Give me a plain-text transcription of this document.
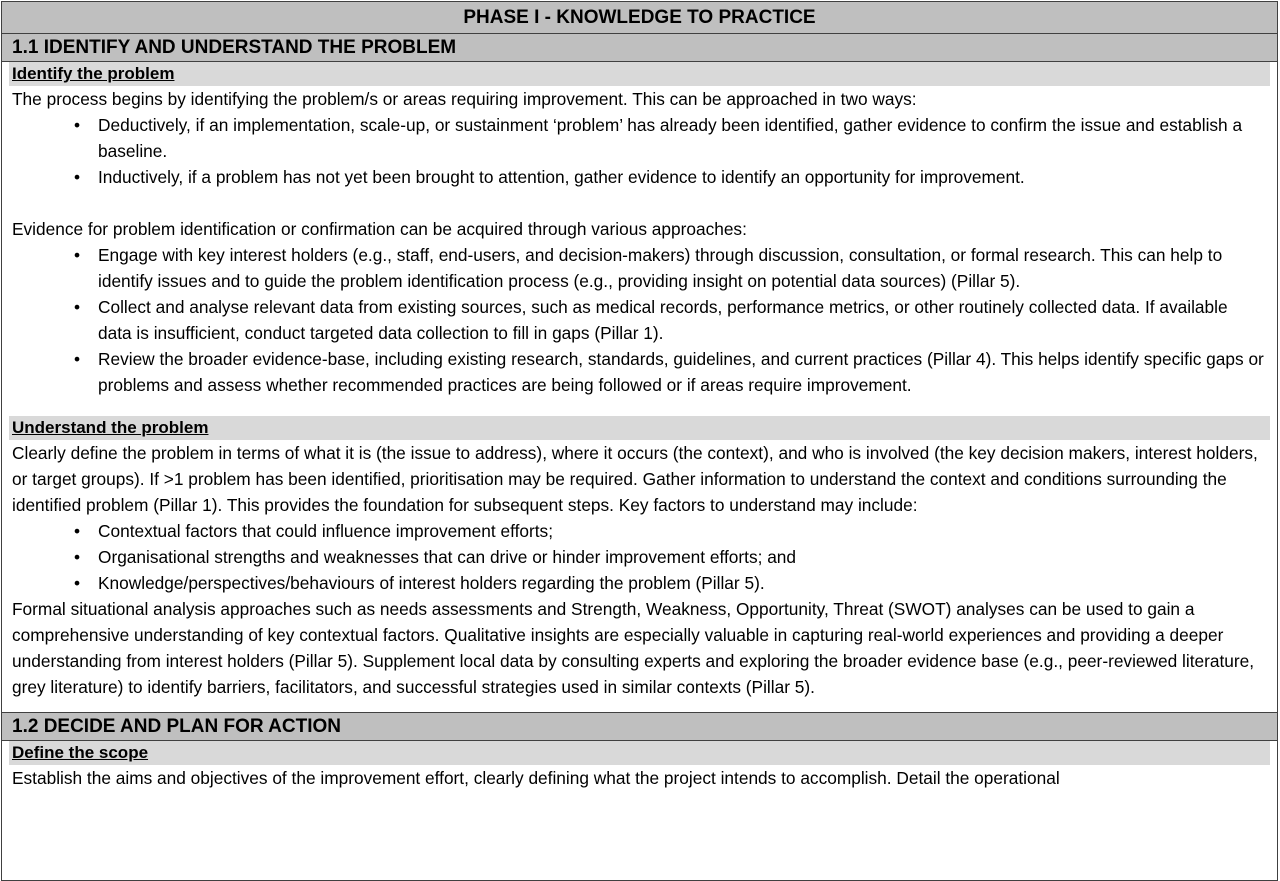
PHASE I - KNOWLEDGE TO PRACTICE
1.1 IDENTIFY AND UNDERSTAND THE PROBLEM
Identify the problem

The process begins by identifying the problem/s or areas requiring improvement. This can be approached in two ways:

• Deductively, if an implementation, scale-up, or sustainment ‘problem’ has already been identified, gather evidence to confirm the issue and establish a baseline.
• Inductively, if a problem has not yet been brought to attention, gather evidence to identify an opportunity for improvement.

Evidence for problem identification or confirmation can be acquired through various approaches:

• Engage with key interest holders (e.g., staff, end-users, and decision-makers) through discussion, consultation, or formal research. This can help to identify issues and to guide the problem identification process (e.g., providing insight on potential data sources) (Pillar 5).
• Collect and analyse relevant data from existing sources, such as medical records, performance metrics, or other routinely collected data. If available data is insufficient, conduct targeted data collection to fill in gaps (Pillar 1).
• Review the broader evidence-base, including existing research, standards, guidelines, and current practices (Pillar 4). This helps identify specific gaps or problems and assess whether recommended practices are being followed or if areas require improvement.
Understand the problem

Clearly define the problem in terms of what it is (the issue to address), where it occurs (the context), and who is involved (the key decision makers, interest holders, or target groups). If >1 problem has been identified, prioritisation may be required. Gather information to understand the context and conditions surrounding the identified problem (Pillar 1). This provides the foundation for subsequent steps. Key factors to understand may include:

• Contextual factors that could influence improvement efforts;
• Organisational strengths and weaknesses that can drive or hinder improvement efforts; and
• Knowledge/perspectives/behaviours of interest holders regarding the problem (Pillar 5).

Formal situational analysis approaches such as needs assessments and Strength, Weakness, Opportunity, Threat (SWOT) analyses can be used to gain a comprehensive understanding of key contextual factors. Qualitative insights are especially valuable in capturing real-world experiences and providing a deeper understanding from interest holders (Pillar 5). Supplement local data by consulting experts and exploring the broader evidence base (e.g., peer-reviewed literature, grey literature) to identify barriers, facilitators, and successful strategies used in similar contexts (Pillar 5).

1.2 DECIDE AND PLAN FOR ACTION
Define the scope

Establish the aims and objectives of the improvement effort, clearly defining what the project intends to accomplish. Detail the operational
